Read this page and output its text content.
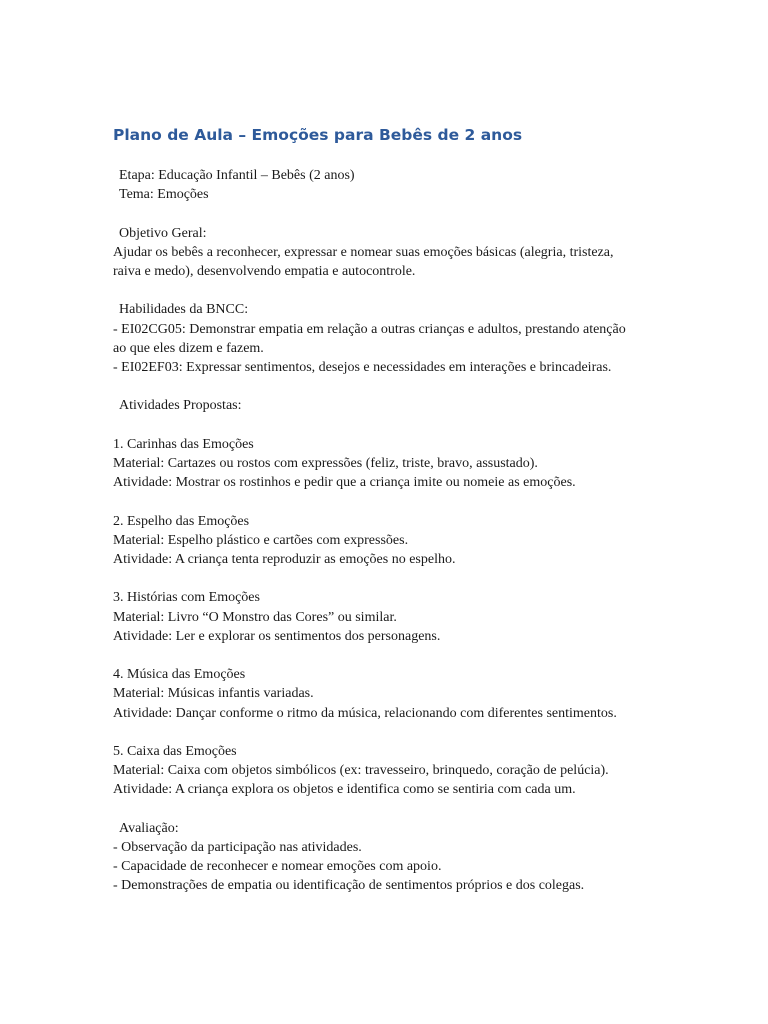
Plano de Aula – Emoções para Bebês de 2 anos
Etapa: Educação Infantil – Bebês (2 anos)
Tema: Emoções
Objetivo Geral:
Ajudar os bebês a reconhecer, expressar e nomear suas emoções básicas (alegria, tristeza,
raiva e medo), desenvolvendo empatia e autocontrole.
Habilidades da BNCC:
- EI02CG05: Demonstrar empatia em relação a outras crianças e adultos, prestando atenção
ao que eles dizem e fazem.
- EI02EF03: Expressar sentimentos, desejos e necessidades em interações e brincadeiras.
Atividades Propostas:
1. Carinhas das Emoções
Material: Cartazes ou rostos com expressões (feliz, triste, bravo, assustado).
Atividade: Mostrar os rostinhos e pedir que a criança imite ou nomeie as emoções.
2. Espelho das Emoções
Material: Espelho plástico e cartões com expressões.
Atividade: A criança tenta reproduzir as emoções no espelho.
3. Histórias com Emoções
Material: Livro “O Monstro das Cores” ou similar.
Atividade: Ler e explorar os sentimentos dos personagens.
4. Música das Emoções
Material: Músicas infantis variadas.
Atividade: Dançar conforme o ritmo da música, relacionando com diferentes sentimentos.
5. Caixa das Emoções
Material: Caixa com objetos simbólicos (ex: travesseiro, brinquedo, coração de pelúcia).
Atividade: A criança explora os objetos e identifica como se sentiria com cada um.
Avaliação:
- Observação da participação nas atividades.
- Capacidade de reconhecer e nomear emoções com apoio.
- Demonstrações de empatia ou identificação de sentimentos próprios e dos colegas.
